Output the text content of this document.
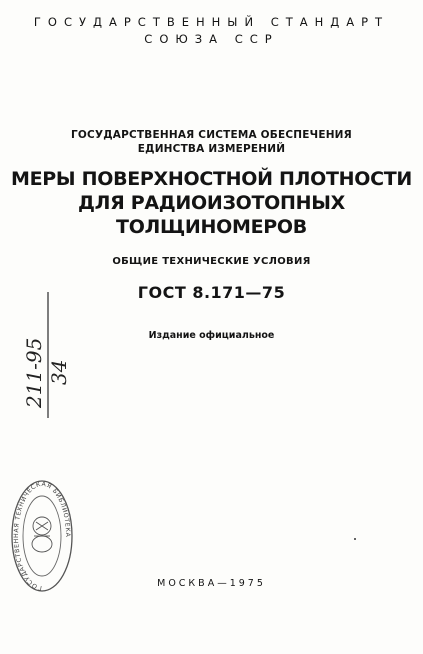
ГОСУДАРСТВЕННЫЙ СТАНДАРТ
СОЮЗА ССР
ГОСУДАРСТВЕННАЯ СИСТЕМА ОБЕСПЕЧЕНИЯ
ЕДИНСТВА ИЗМЕРЕНИЙ
МЕРЫ ПОВЕРХНОСТНОЙ ПЛОТНОСТИ
ДЛЯ РАДИОИЗОТОПНЫХ
ТОЛЩИНОМЕРОВ
ОБЩИЕ ТЕХНИЧЕСКИЕ УСЛОВИЯ
ГОСТ 8.171—75
Издание официальное
211-95 34
ГОСУДАРСТВЕННАЯ ТЕХНИЧЕСКАЯ БИБЛИОТЕКА
МОСКВА—1975
